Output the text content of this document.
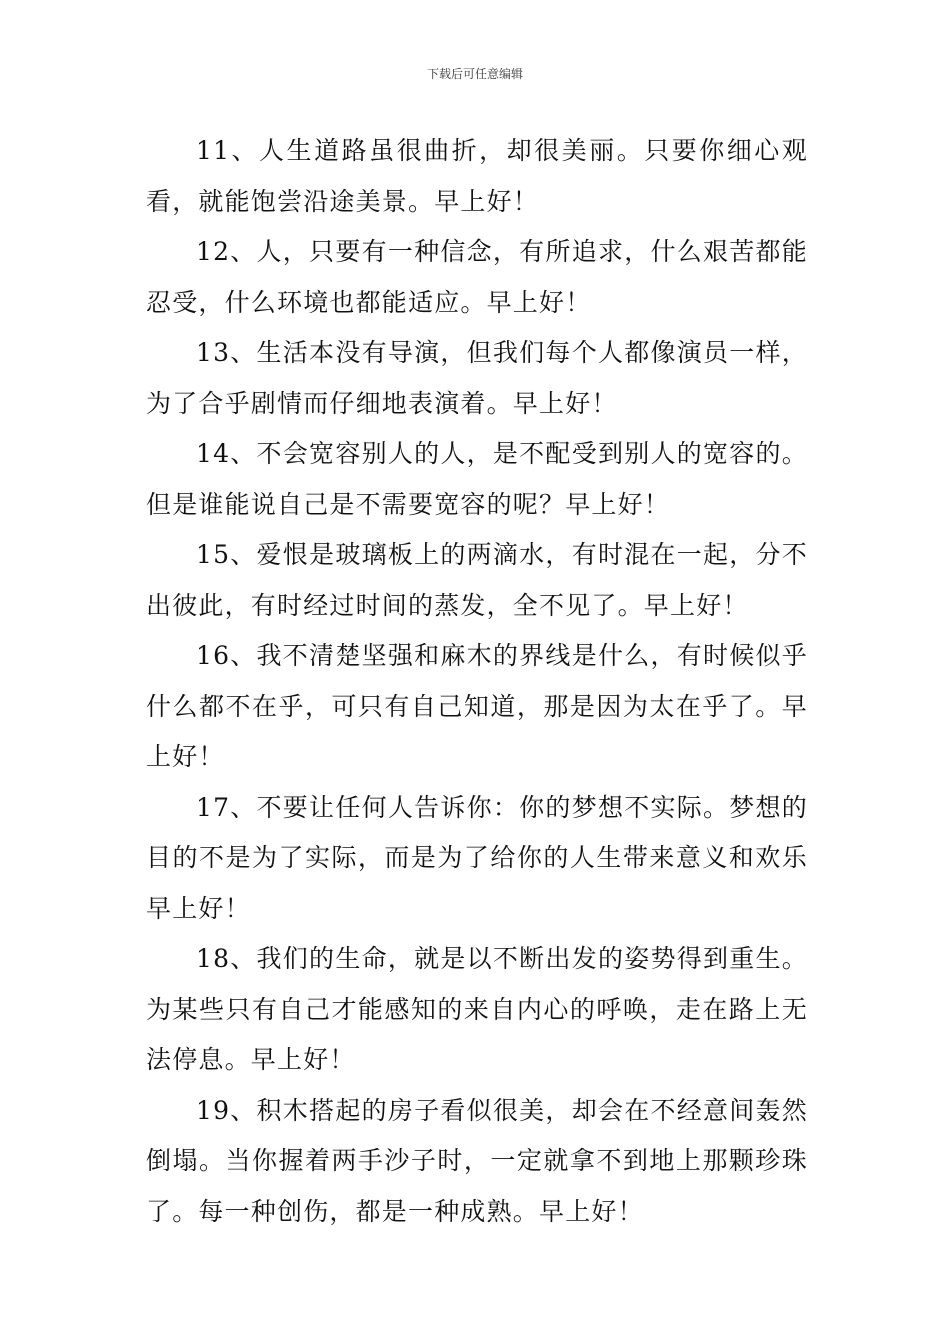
下载后可任意编辑

11、人生道路虽很曲折，却很美丽。只要你细心观看，就能饱尝沿途美景。早上好！

12、人，只要有一种信念，有所追求，什么艰苦都能忍受，什么环境也都能适应。早上好！

13、生活本没有导演，但我们每个人都像演员一样，为了合乎剧情而仔细地表演着。早上好！

14、不会宽容别人的人，是不配受到别人的宽容的。但是谁能说自己是不需要宽容的呢？早上好！

15、爱恨是玻璃板上的两滴水，有时混在一起，分不出彼此，有时经过时间的蒸发，全不见了。早上好！

16、我不清楚坚强和麻木的界线是什么，有时候似乎什么都不在乎，可只有自己知道，那是因为太在乎了。早上好！

17、不要让任何人告诉你：你的梦想不实际。梦想的目的不是为了实际，而是为了给你的人生带来意义和欢乐早上好！

18、我们的生命，就是以不断出发的姿势得到重生。为某些只有自己才能感知的来自内心的呼唤，走在路上无法停息。早上好！

19、积木搭起的房子看似很美，却会在不经意间轰然倒塌。当你握着两手沙子时，一定就拿不到地上那颗珍珠了。每一种创伤，都是一种成熟。早上好！
